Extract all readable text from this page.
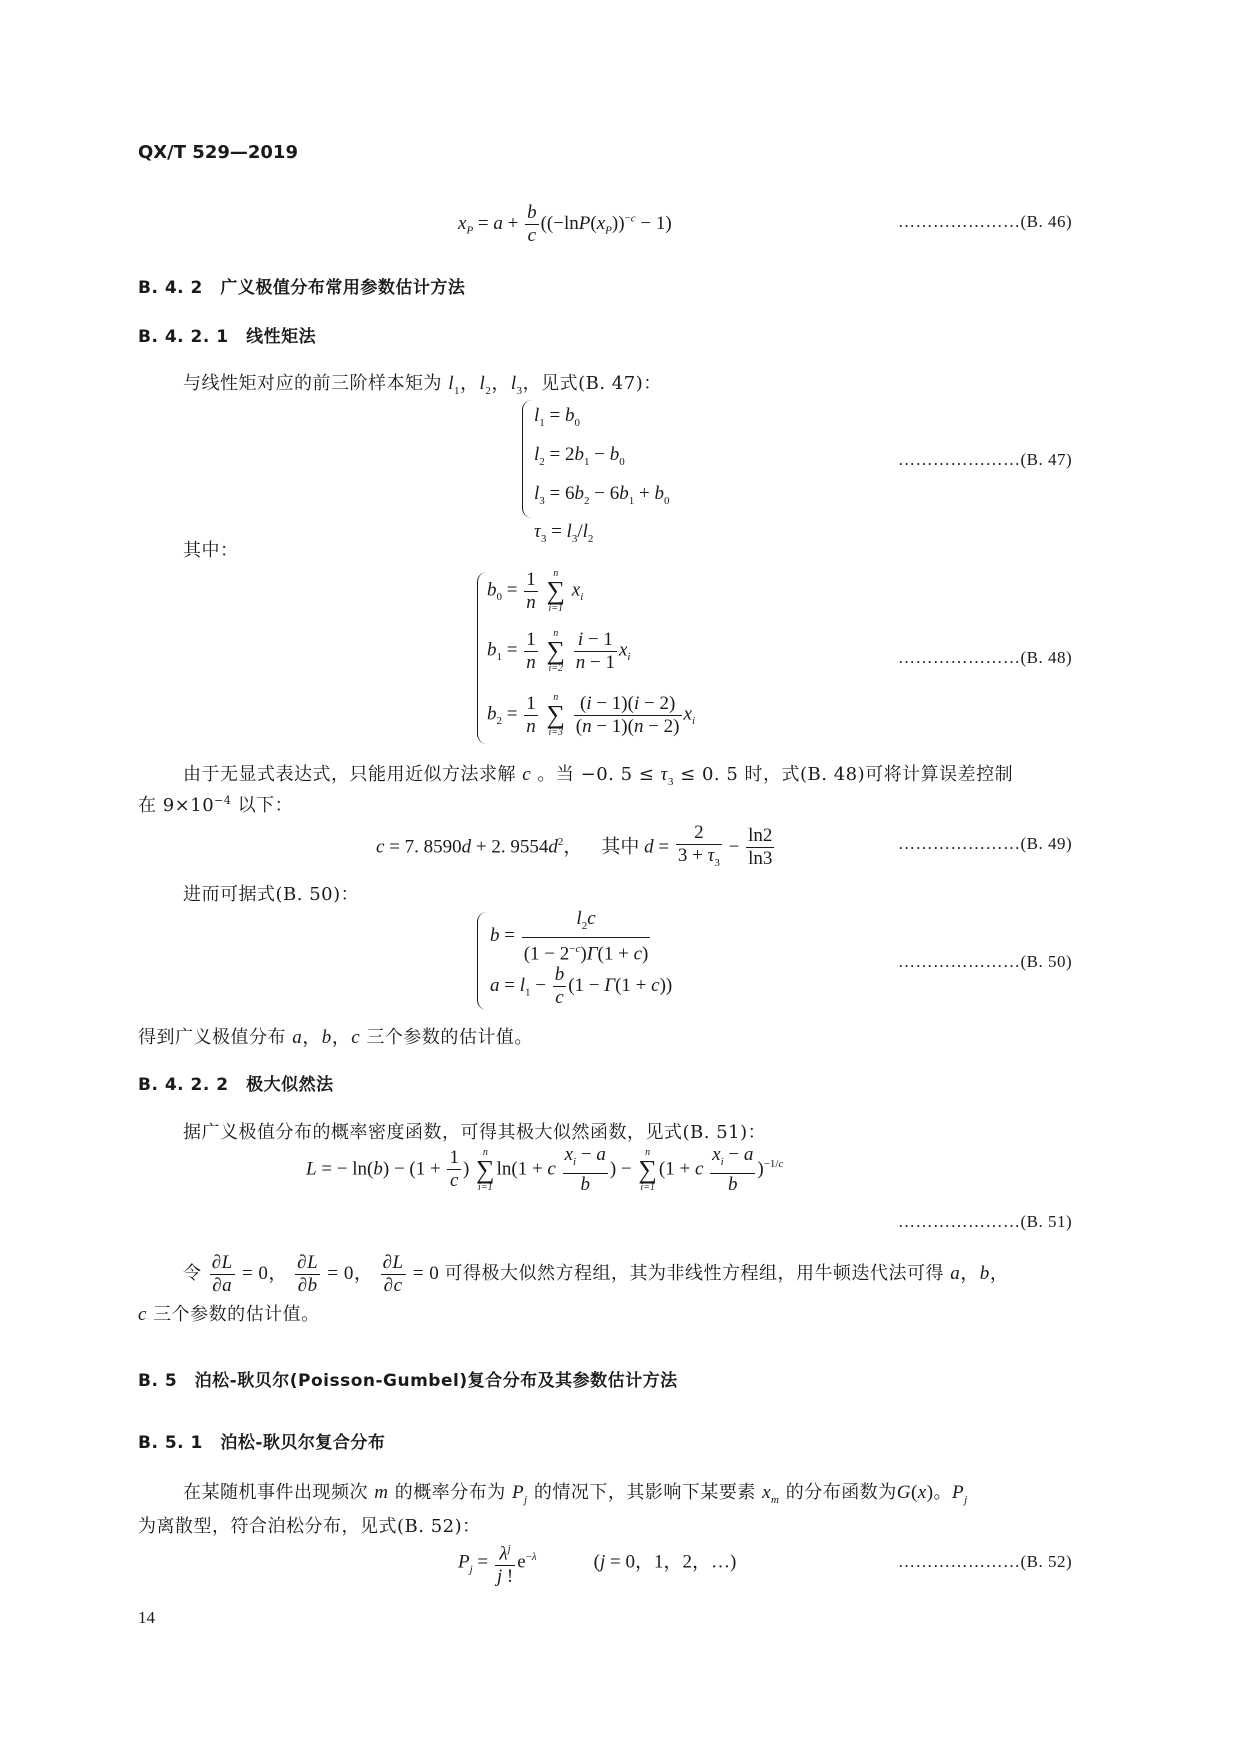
QX/T 529—2019
$x_P = a + \frac{b}{c} ((-\ln P(x_P))^{-c} - 1)$	…………………(B. 46)
B. 4. 2　广义极值分布常用参数估计方法
B. 4. 2. 1　线性矩法
与线性矩对应的前三阶样本矩为 $l_1$，$l_2$，$l_3$，见式(B. 47)：
$l_1 = b_0$
$l_2 = 2b_1 - b_0$
$l_3 = 6b_2 - 6b_1 + b_0$
$\tau_3 = l_3/l_2$
…………………(B. 47)
其中：
$b_0 = \frac{1}{n}$
	n
∑
i=1
$x_i$
$b_1 = \frac{1}{n}$
	n
∑
i=2
$\frac{i - 1}{n - 1} x_i$
$b_2 = \frac{1}{n}$
	n
∑
i=3
$\frac{(i - 1)(i - 2)}{(n - 1)(n - 2)} x_i$
…………………(B. 48)
由于无显式表达式，只能用近似方法求解 c 。当 −0. $5 \le \tau_3 \le 0$. 5 时，式(B. 48)可将计算误差控制
在 $9\times 10^{-4}$ 以下：
c = 7. 8590d + 2. $9554d^2$，    其中 $d = \frac{2}{3 + \tau_3} - \frac{\ln 2}{\ln 3}$	…………………(B. 49)
进而可据式(B. 50)：
$b = \frac{l_2c}{(1 - 2^{-c})\Gamma(1 + c)}$
$a = l_1 - \frac{b}{c} (1 - \Gamma(1 + c))$
…………………(B. 50)
得到广义极值分布 a，b，c 三个参数的估计值。
B. 4. 2. 2　极大似然法
据广义极值分布的概率密度函数，可得其极大似然函数，见式(B. 51)：
L = − $\ln(b) - (1 + \frac{1}{c}$ )
n
∑
i=1
ln(1 + c $\frac{x_i - a}{b}$ ) −
n
∑
i=1
(1 + c $\frac{x_i - a}{b} )^{-1/c}$
…………………(B. 51)
令 $\frac{\partial L}{\partial a} = 0$， $\frac{\partial L}{\partial b} = 0$， $\frac{\partial L}{\partial c} = 0$ 可得极大似然方程组，其为非线性方程组，用牛顿迭代法可得 a，b，
c 三个参数的估计值。
B. 5　泊松-耿贝尔(Poisson-Gumbel)复合分布及其参数估计方法
B. 5. 1　泊松-耿贝尔复合分布
在某随机事件出现频次 m 的概率分布为 $P_j$ 的情况下，其影响下某要素 $x_m$ 的分布函数为G(x)。$P_j$
为离散型，符合泊松分布，见式(B. 52)：
$P_j = \frac{\lambda^j}{j !} e^{-\lambda}$            (j = 0，1，2，…)	…………………(B. 52)
14
